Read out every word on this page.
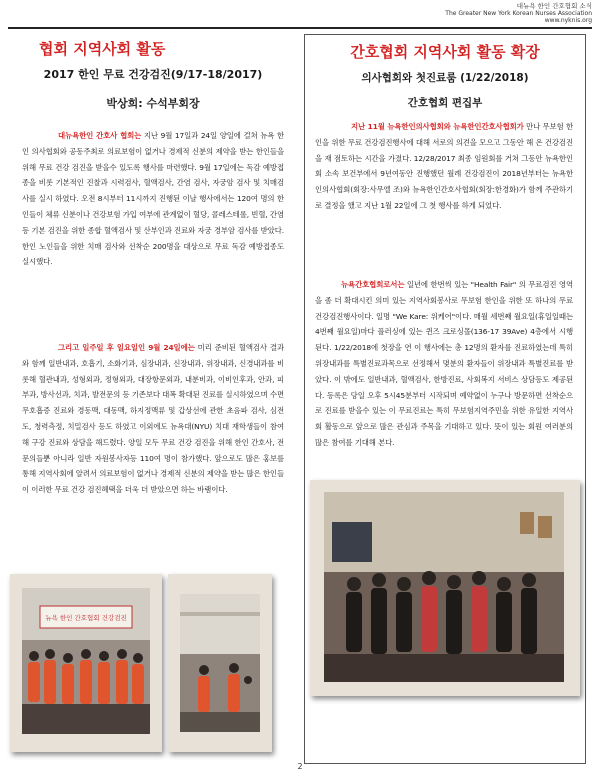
대뉴욕 한인 간호협회 소식
The Greater New York Korean Nurses Association
www.nyknis.org
협회 지역사회 활동
2017 한인 무료 건강검진(9/17-18/2017)
박상희: 수석부회장
대뉴욕한인 간호사 협회는 지난 9월 17일과 24일 양일에 걸쳐 뉴욕 한인 의사협회와 공동주최로 의료보험이 없거나 경제적 신분의 제약을 받는 한인들을 위해 무료 건강 검진을 받을수 있도록 행사를 마련했다. 9월 17일에는 독감 예방접종을 비롯 기본적인 진찰과 시력검사, 혈액검사, 간염 검사, 자궁암 검사 및 치매검사를 실시 하였다. 오전 8시부터 11시까지 진행된 이날 행사에서는 120여 명의 한인들이 체류 신분이나 건강보험 가입 여부에 관계없이 혈당, 콜레스테롤, 빈혈, 간염 등 기본 검진을 위한 종합 혈액검사 및 산부인과 진료와 자궁 경부암 검사를 받았다. 한인 노인들을 위한 치매 검사와 선착순 200명을 대상으로 무료 독감 예방접종도 실시했다.
그리고 일주일 후 일요일인 9월 24일에는 미리 준비된 혈액검사 결과와 함께 일반내과, 호흡기, 소화기과, 심장내과, 신장내과, 위장내과, 신경내과를 비롯해 혈관내과, 성형외과, 정형외과, 대장항문외과, 내분비과, 이비인후과, 안과, 피부과, 방사선과, 치과, 발전문의 등 기존보다 대폭 확대된 진료를 실시하였으며 수면 무호흡증 진료와 경동맥, 대동맥, 하지정맥류 및 갑상선에 관한 초음파 검사, 심전도, 청력측정, 치밀검사 등도 하였고 이외에도 뉴욕대(NYU) 치대 재학생들이 참여해 구강 진료와 상담을 해드렸다. 양일 모두 무료 건강 검진을 위해 한인 간호사, 전문의들뿐 아니라 일반 자원봉사자등 110여 명이 참가했다. 앞으로도 많은 홍보를 통해 지역사회에 알려서 의료보험이 없거나 경제적 신분의 제약을 받는 많은 한인들이 이러한 무료 건강 검진혜택을 더욱 더 받았으면 하는 바램이다.
간호협회 지역사회 활동 확장
의사협회와 첫진료룸 (1/22/2018)
간호협회 편집부
지난 11월 뉴욕한인의사협회와 뉴욕한인간호사협회가 만나 무보험 한인을 위한 무료 건강검진행사에 대해 서로의 의견을 모으고 그동안 해 온 건강검진을 재 점토하는 시간을 가졌다. 12/28/2017 최종 임원회를 거쳐 그동안 뉴욕한인회 소속 보건부에서 9년여동안 진행했던 월례 건강검진이 2018년부터는 뉴욕한인의사협회(회장:사무엘 조)와 뉴욕한인간호사협회(회장:한경화)가 함께 주관하기로 결정을 했고 지난 1월 22일에 그 첫 행사를 하게 되었다.
뉴욕간호협회로서는 일년에 한번씩 있는 "Health Fair" 의 무료검진 영역을 좀 더 확대시킨 의미 있는 지역사회봉사로 무보험 한인을 위한 또 하나의 무료건강검진행사이다. 일명 "We Kare: 위케어"이다. 매월 세번째 월요일(휴일일때는 4번째 월요일)마다 플러싱에 있는 퀸즈 크로싱몰(136-17 39Ave) 4층에서 시행된다. 1/22/2018에 첫장을 연 이 행사에는 총 12명의 환자를 진료하였는데 특히 위장내과를 특별진료과목으로 선정해서 몇분의 환자들이 위장내과 특별진료를 받았다. 이 밖에도 일반내과, 혈액검사, 한방진료, 사회복지 서비스 상담등도 제공된다. 등록은 당일 오후 5시45분부터 시작되며 예약없이 누구나 방문하면 선착순으로 진료를 받을수 있는 이 무료진료는 특히 무보험지역주민을 위한 유일한 지역사회 활동으로 앞으로 많은 관심과 주목을 기대하고 있다. 뜻이 있는 회원 여러분의 많은 참여를 기대해 본다.
뉴욕 한인 간호협회 건강검진
2
